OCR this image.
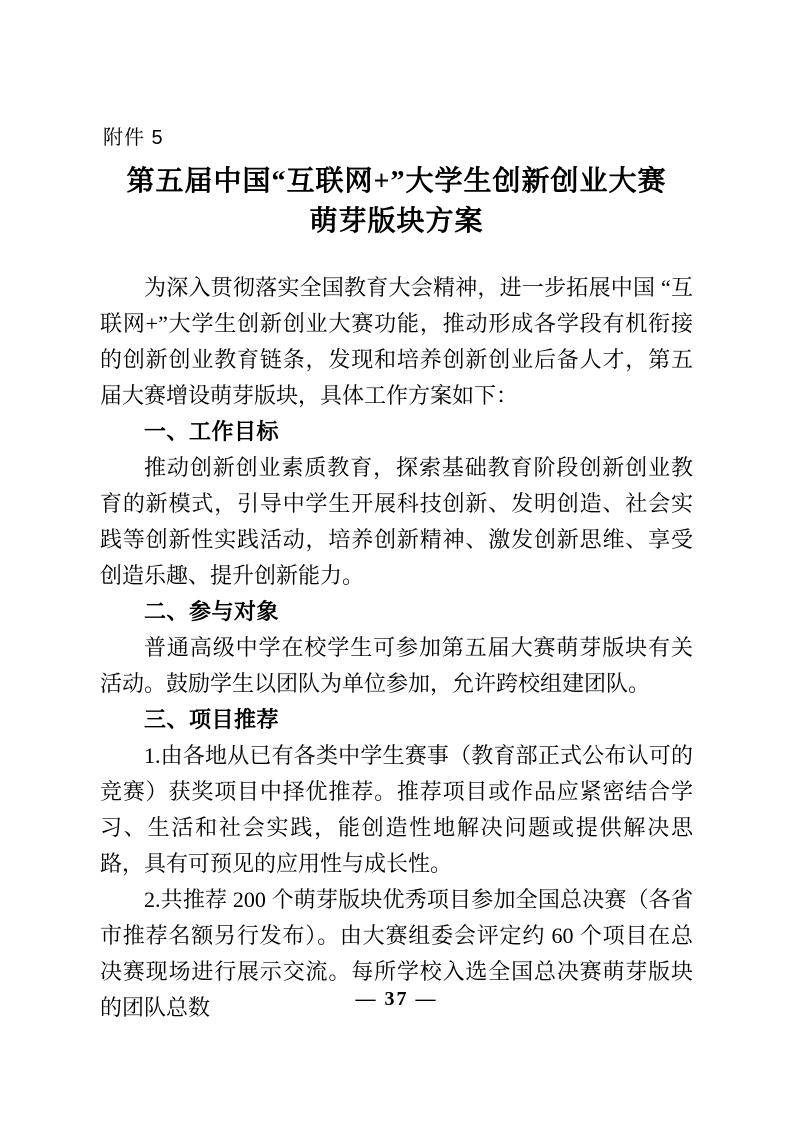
附件 5
第五届中国“互联网+”大学生创新创业大赛
萌芽版块方案

为深入贯彻落实全国教育大会精神，进一步拓展中国 “互联网+”大学生创新创业大赛功能，推动形成各学段有机衔接的创新创业教育链条，发现和培养创新创业后备人才，第五届大赛增设萌芽版块，具体工作方案如下：

一、工作目标

推动创新创业素质教育，探索基础教育阶段创新创业教育的新模式，引导中学生开展科技创新、发明创造、社会实践等创新性实践活动，培养创新精神、激发创新思维、享受创造乐趣、提升创新能力。

二、参与对象

普通高级中学在校学生可参加第五届大赛萌芽版块有关活动。鼓励学生以团队为单位参加，允许跨校组建团队。

三、项目推荐

1.由各地从已有各类中学生赛事（教育部正式公布认可的竞赛）获奖项目中择优推荐。推荐项目或作品应紧密结合学习、生活和社会实践，能创造性地解决问题或提供解决思路，具有可预见的应用性与成长性。

2.共推荐 200 个萌芽版块优秀项目参加全国总决赛（各省市推荐名额另行发布）。由大赛组委会评定约 60 个项目在总决赛现场进行展示交流。每所学校入选全国总决赛萌芽版块的团队总数	— 37 —
